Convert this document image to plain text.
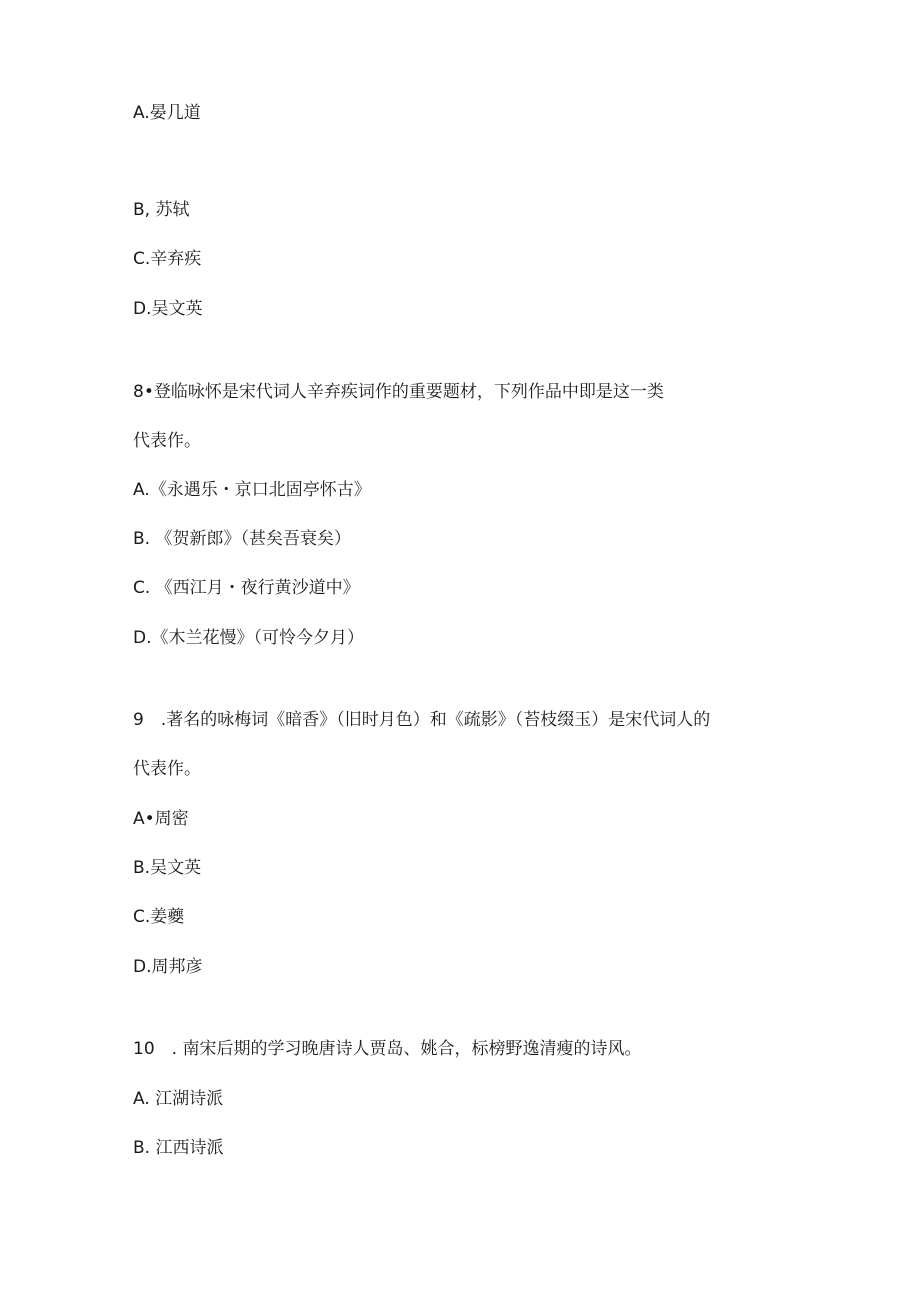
A.晏几道
B, 苏轼
C.辛弃疾
D.吴文英
8•登临咏怀是宋代词人辛弃疾词作的重要题材，下列作品中即是这一类
代表作。
A.《永遇乐・京口北固亭怀古》
B. 《贺新郎》（甚矣吾衰矣）
C. 《西江月・夜行黄沙道中》
D.《木兰花慢》（可怜今夕月）
9　.著名的咏梅词《暗香》（旧时月色）和《疏影》（苔枝缀玉）是宋代词人的
代表作。
A•周密
B.吴文英
C.姜夔
D.周邦彦
10　. 南宋后期的学习晚唐诗人贾岛、姚合，标榜野逸清瘦的诗风。
A. 江湖诗派
B. 江西诗派
